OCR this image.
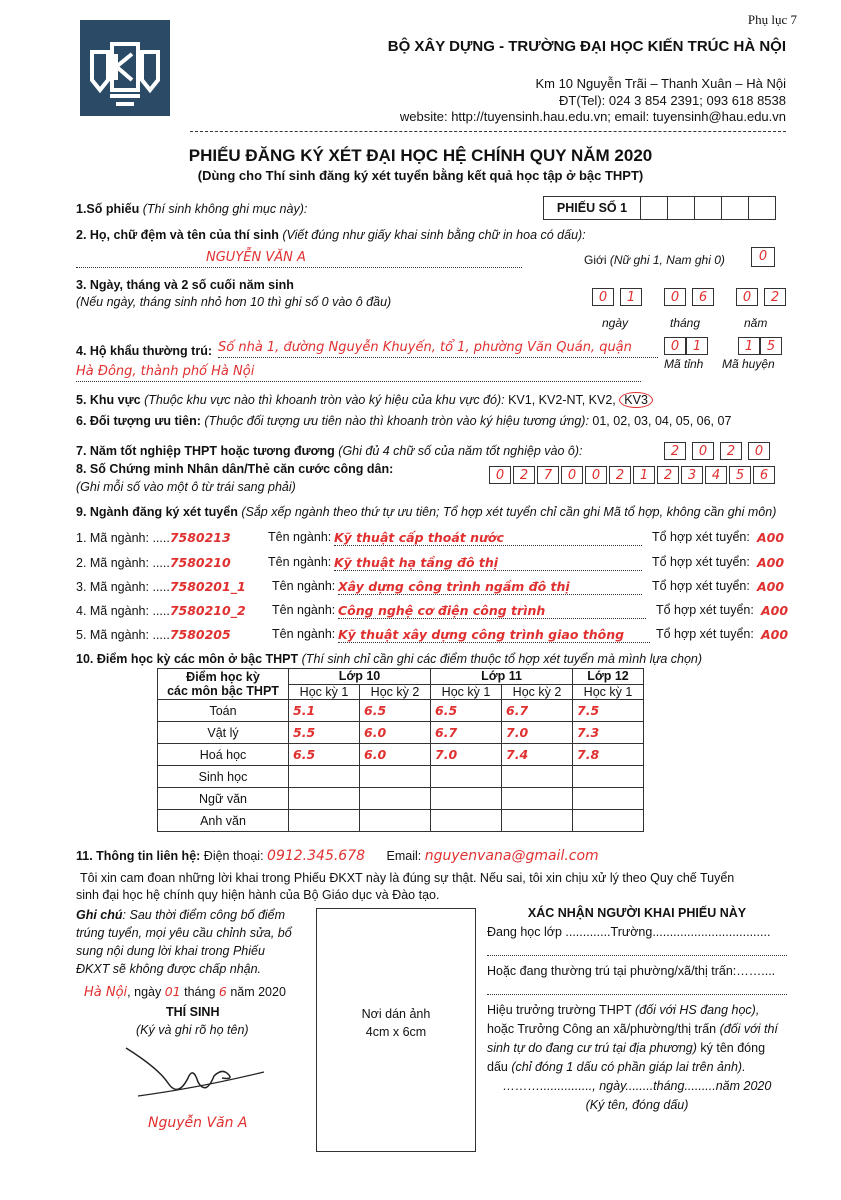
Phụ lục 7
BỘ XÂY DỰNG - TRƯỜNG ĐẠI HỌC KIẾN TRÚC HÀ NỘI
Km 10 Nguyễn Trãi – Thanh Xuân – Hà Nội
ĐT(Tel): 024 3 854 2391; 093 618 8538
website: http://tuyensinh.hau.edu.vn; email: tuyensinh@hau.edu.vn
PHIẾU ĐĂNG KÝ XÉT ĐẠI HỌC HỆ CHÍNH QUY NĂM 2020
(Dùng cho Thí sinh đăng ký xét tuyển bằng kết quả học tập ở bậc THPT)
1.Số phiếu (Thí sinh không ghi mục này):	PHIẾU SỐ 1
2. Họ, chữ đệm và tên của thí sinh (Viết đúng như giấy khai sinh bằng chữ in hoa có dấu):
NGUYỄN VĂN A	Giới (Nữ ghi 1, Nam ghi 0)	0
3. Ngày, tháng và 2 số cuối năm sinh
(Nếu ngày, tháng sinh nhỏ hơn 10 thì ghi số 0 vào ô đầu)	0	1	0	6	0	2
ngày	tháng	năm
4. Hộ khẩu thường trú: Số nhà 1, đường Nguyễn Khuyến, tổ 1, phường Văn Quán, quận
Hà Đông, thành phố Hà Nội
0	1	1	5
Mã tỉnh Mã huyện
5. Khu vực (Thuộc khu vực nào thì khoanh tròn vào ký hiệu của khu vực đó): KV1, KV2-NT, KV2, KV3
6. Đối tượng ưu tiên: (Thuộc đối tượng ưu tiên nào thì khoanh tròn vào ký hiệu tương ứng): 01, 02, 03, 04, 05, 06, 07
7. Năm tốt nghiệp THPT hoặc tương đương (Ghi đủ 4 chữ số của năm tốt nghiệp vào ô):	2	0	2	0
8. Số Chứng minh Nhân dân/Thẻ căn cước công dân:
(Ghi mỗi số vào một ô từ trái sang phải)
0	2	7	0	0	2	1	2	3	4	5	6
9. Ngành đăng ký xét tuyển (Sắp xếp ngành theo thứ tự ưu tiên; Tổ hợp xét tuyển chỉ cần ghi Mã tổ hợp, không cần ghi môn)
1. Mã ngành: .....7580213	Tên ngành: Kỹ thuật cấp thoát nước	Tổ hợp xét tuyển: A00
2. Mã ngành: .....7580210	Tên ngành: Kỹ thuật hạ tầng đô thị	Tổ hợp xét tuyển: A00
3. Mã ngành: .....7580201_1 Tên ngành: Xây dựng công trình ngầm đô thị	Tổ hợp xét tuyển: A00
4. Mã ngành: .....7580210_2 Tên ngành: Công nghệ cơ điện công trình	Tổ hợp xét tuyển: A00
5. Mã ngành: .....7580205	Tên ngành: Kỹ thuật xây dựng công trình giao thông	Tổ hợp xét tuyển: A00
10. Điểm học kỳ các môn ở bậc THPT (Thí sinh chỉ cần ghi các điểm thuộc tổ hợp xét tuyển mà mình lựa chọn)
Điểm học kỳ
các môn bậc THPT	Lớp 10		Lớp 11		Lớp 12
	Học kỳ 1	Học kỳ 2	Học kỳ 1	Học kỳ 2	Học kỳ 1
Toán	5.1	6.5	6.5	6.7	7.5
Vật lý	5.5	6.0	6.7	7.0	7.3
Hoá học	6.5	6.0	7.0	7.4	7.8
Sinh học					
Ngữ văn					
Anh văn					
11. Thông tin liên hệ: Điện thoại: 0912.345.678 Email: nguyenvana@gmail.com
Tôi xin cam đoan những lời khai trong Phiếu ĐKXT này là đúng sự thật. Nếu sai, tôi xin chịu xử lý theo Quy chế Tuyển
sinh đại học hệ chính quy hiện hành của Bộ Giáo dục và Đào tạo.
Ghi chú: Sau thời điểm công bố điểm
trúng tuyển, mọi yêu cầu chỉnh sửa, bổ
sung nội dung lời khai trong Phiếu
ĐKXT sẽ không được chấp nhận.
Hà Nội, ngày 01 tháng 6 năm 2020
THÍ SINH
(Ký và ghi rõ họ tên)
Nguyễn Văn A
Nơi dán ảnh
4cm x 6cm
XÁC NHẬN NGƯỜI KHAI PHIẾU NÀY
Đang học lớp .............Trường..................................
Hoặc đang thường trú tại phường/xã/thị trấn:……....
Hiệu trưởng trường THPT (đối với HS đang học),
hoặc Trưởng Công an xã/phường/thị trấn (đối với thí
sinh tự do đang cư trú tại địa phương) ký tên đóng
dấu (chỉ đóng 1 dấu có phần giáp lai trên ảnh).
………..............., ngày........tháng.........năm 2020
(Ký tên, đóng dấu)
